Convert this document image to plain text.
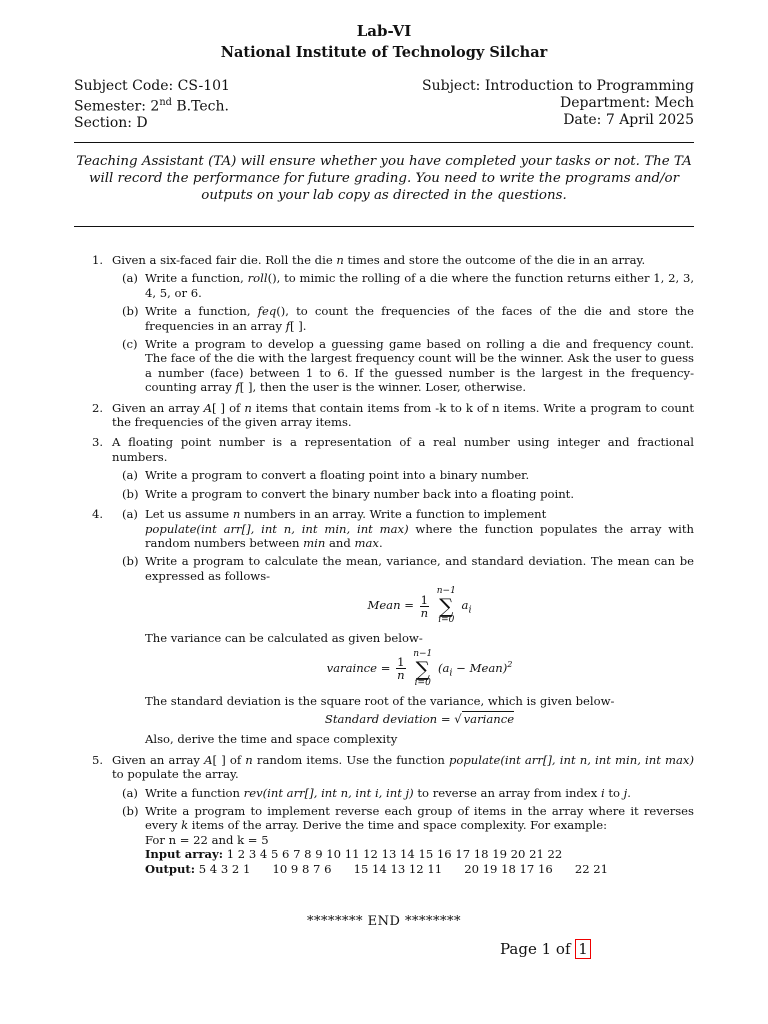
Lab-VI
National Institute of Technology Silchar
Subject Code: CS-101
Semester: 2nd B.Tech.
Section: D
Subject: Introduction to Programming
Department: Mech
Date: 7 April 2025
Teaching Assistant (TA) will ensure whether you have completed your tasks or not. The TA will record the performance for future grading. You need to write the programs and/or outputs on your lab copy as directed in the questions.
1. Given a six-faced fair die. Roll the die n times and store the outcome of the die in an array.
(a) Write a function, roll(), to mimic the rolling of a die where the function returns either 1, 2, 3, 4, 5, or 6.
(b) Write a function, feq(), to count the frequencies of the faces of the die and store the frequencies in an array f[ ].
(c) Write a program to develop a guessing game based on rolling a die and frequency count. The face of the die with the largest frequency count will be the winner. Ask the user to guess a number (face) between 1 to 6. If the guessed number is the largest in the frequency-counting array f[ ], then the user is the winner. Loser, otherwise.
2. Given an array A[ ] of n items that contain items from -k to k of n items. Write a program to count the frequencies of the given array items.
3. A floating point number is a representation of a real number using integer and fractional numbers.
(a) Write a program to convert a floating point into a binary number.
(b) Write a program to convert the binary number back into a floating point.
4. (a) Let us assume n numbers in an array. Write a function to implement
populate(int arr[], int n, int min, int max) where the function populates the array with random numbers between min and max.
(b) Write a program to calculate the mean, variance, and standard deviation. The mean can be expressed as follows-
Mean = $\frac{1}{n}$

n−1
∑
i=0
$a_i$
The variance can be calculated as given below-
varaince = $\frac{1}{n}$

n−1
∑
i=0
($a_i$ − Mean)$^2$
The standard deviation is the square root of the variance, which is given below-
Standard deviation = √ variance
Also, derive the time and space complexity
5. Given an array A[ ] of n random items. Use the function populate(int arr[], int n, int min, int max) to populate the array.
(a) Write a function rev(int arr[], int n, int i, int j) to reverse an array from index i to j.
(b) Write a program to implement reverse each group of items in the array where it reverses every k items of the array. Derive the time and space complexity. For example:
For n = 22 and k = 5
Input array: 1 2 3 4 5 6 7 8 9 10 11 12 13 14 15 16 17 18 19 20 21 22
Output: 5 4 3 2 1      10 9 8 7 6      15 14 13 12 11      20 19 18 17 16      22 21
******** END ********
Page 1 of 1
